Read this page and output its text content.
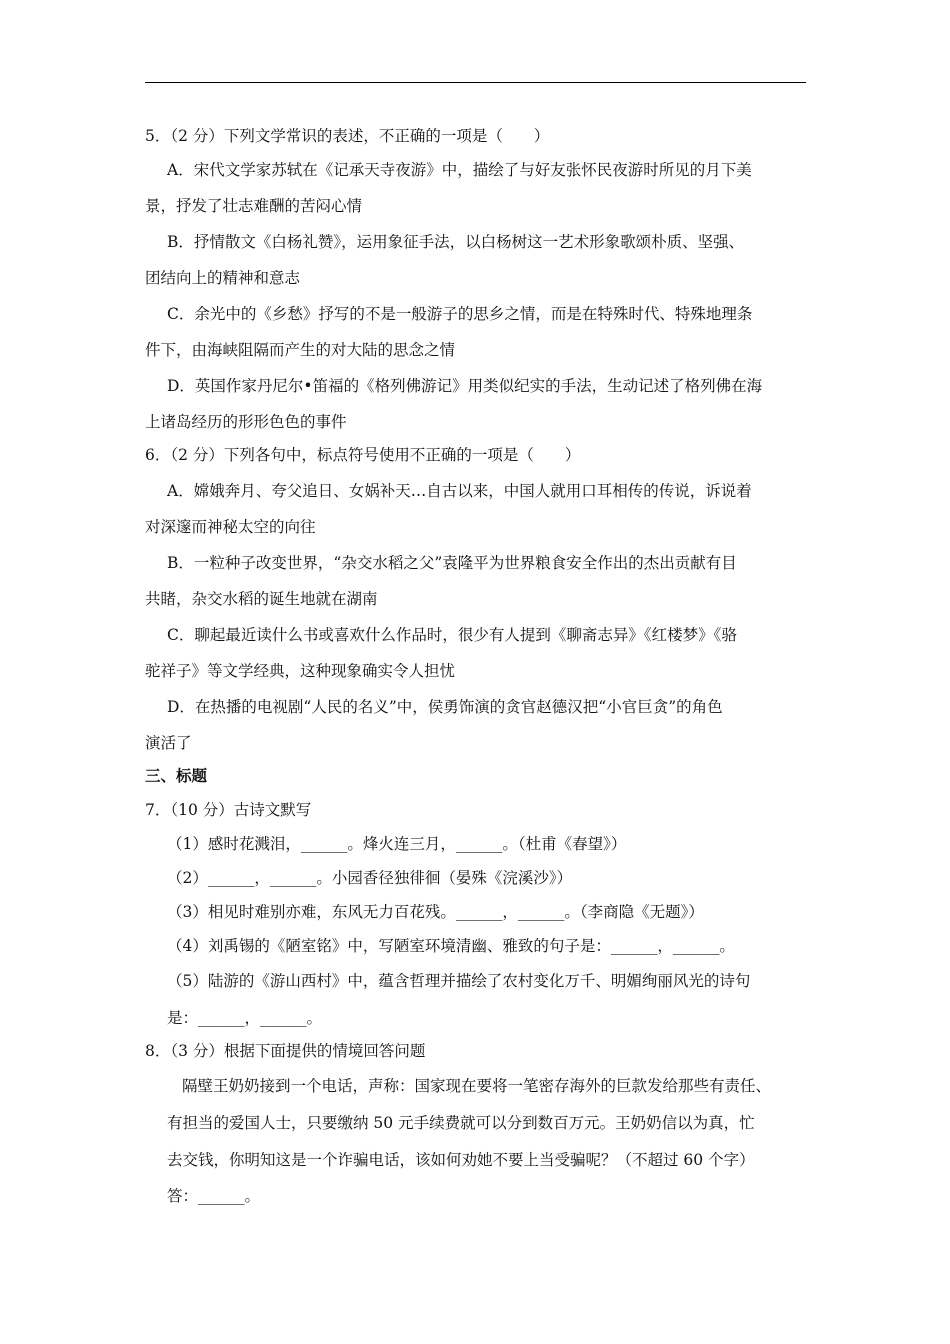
5．（2 分）下列文学常识的表述，不正确的一项是（　　）
A．宋代文学家苏轼在《记承天寺夜游》中，描绘了与好友张怀民夜游时所见的月下美
景，抒发了壮志难酬的苦闷心情
B．抒情散文《白杨礼赞》，运用象征手法，以白杨树这一艺术形象歌颂朴质、坚强、
团结向上的精神和意志
C．余光中的《乡愁》抒写的不是一般游子的思乡之情，而是在特殊时代、特殊地理条
件下，由海峡阻隔而产生的对大陆的思念之情
D．英国作家丹尼尔•笛福的《格列佛游记》用类似纪实的手法，生动记述了格列佛在海
上诸岛经历的形形色色的事件
6．（2 分）下列各句中，标点符号使用不正确的一项是（　　）
A．嫦娥奔月、夸父追日、女娲补天…自古以来，中国人就用口耳相传的传说，诉说着
对深邃而神秘太空的向往
B．一粒种子改变世界，“杂交水稻之父”袁隆平为世界粮食安全作出的杰出贡献有目
共睹，杂交水稻的诞生地就在湖南
C．聊起最近读什么书或喜欢什么作品时，很少有人提到《聊斋志异》《红楼梦》《骆
驼祥子》等文学经典，这种现象确实令人担忧
D．在热播的电视剧“人民的名义”中，侯勇饰演的贪官赵德汉把“小官巨贪”的角色
演活了
三、标题
7．（10 分）古诗文默写
（1）感时花溅泪，______。烽火连三月，______。（杜甫《春望》）
（2）______，______。小园香径独徘徊（晏殊《浣溪沙》）
（3）相见时难别亦难，东风无力百花残。______，______。（李商隐《无题》）
（4）刘禹锡的《陋室铭》中，写陋室环境清幽、雅致的句子是：______，______。
（5）陆游的《游山西村》中，蕴含哲理并描绘了农村变化万千、明媚绚丽风光的诗句
是：______，______。
8．（3 分）根据下面提供的情境回答问题
隔壁王奶奶接到一个电话，声称：国家现在要将一笔密存海外的巨款发给那些有责任、
有担当的爱国人士，只要缴纳 50 元手续费就可以分到数百万元。王奶奶信以为真，忙
去交钱，你明知这是一个诈骗电话，该如何劝她不要上当受骗呢？（不超过 60 个字）
答：______。
